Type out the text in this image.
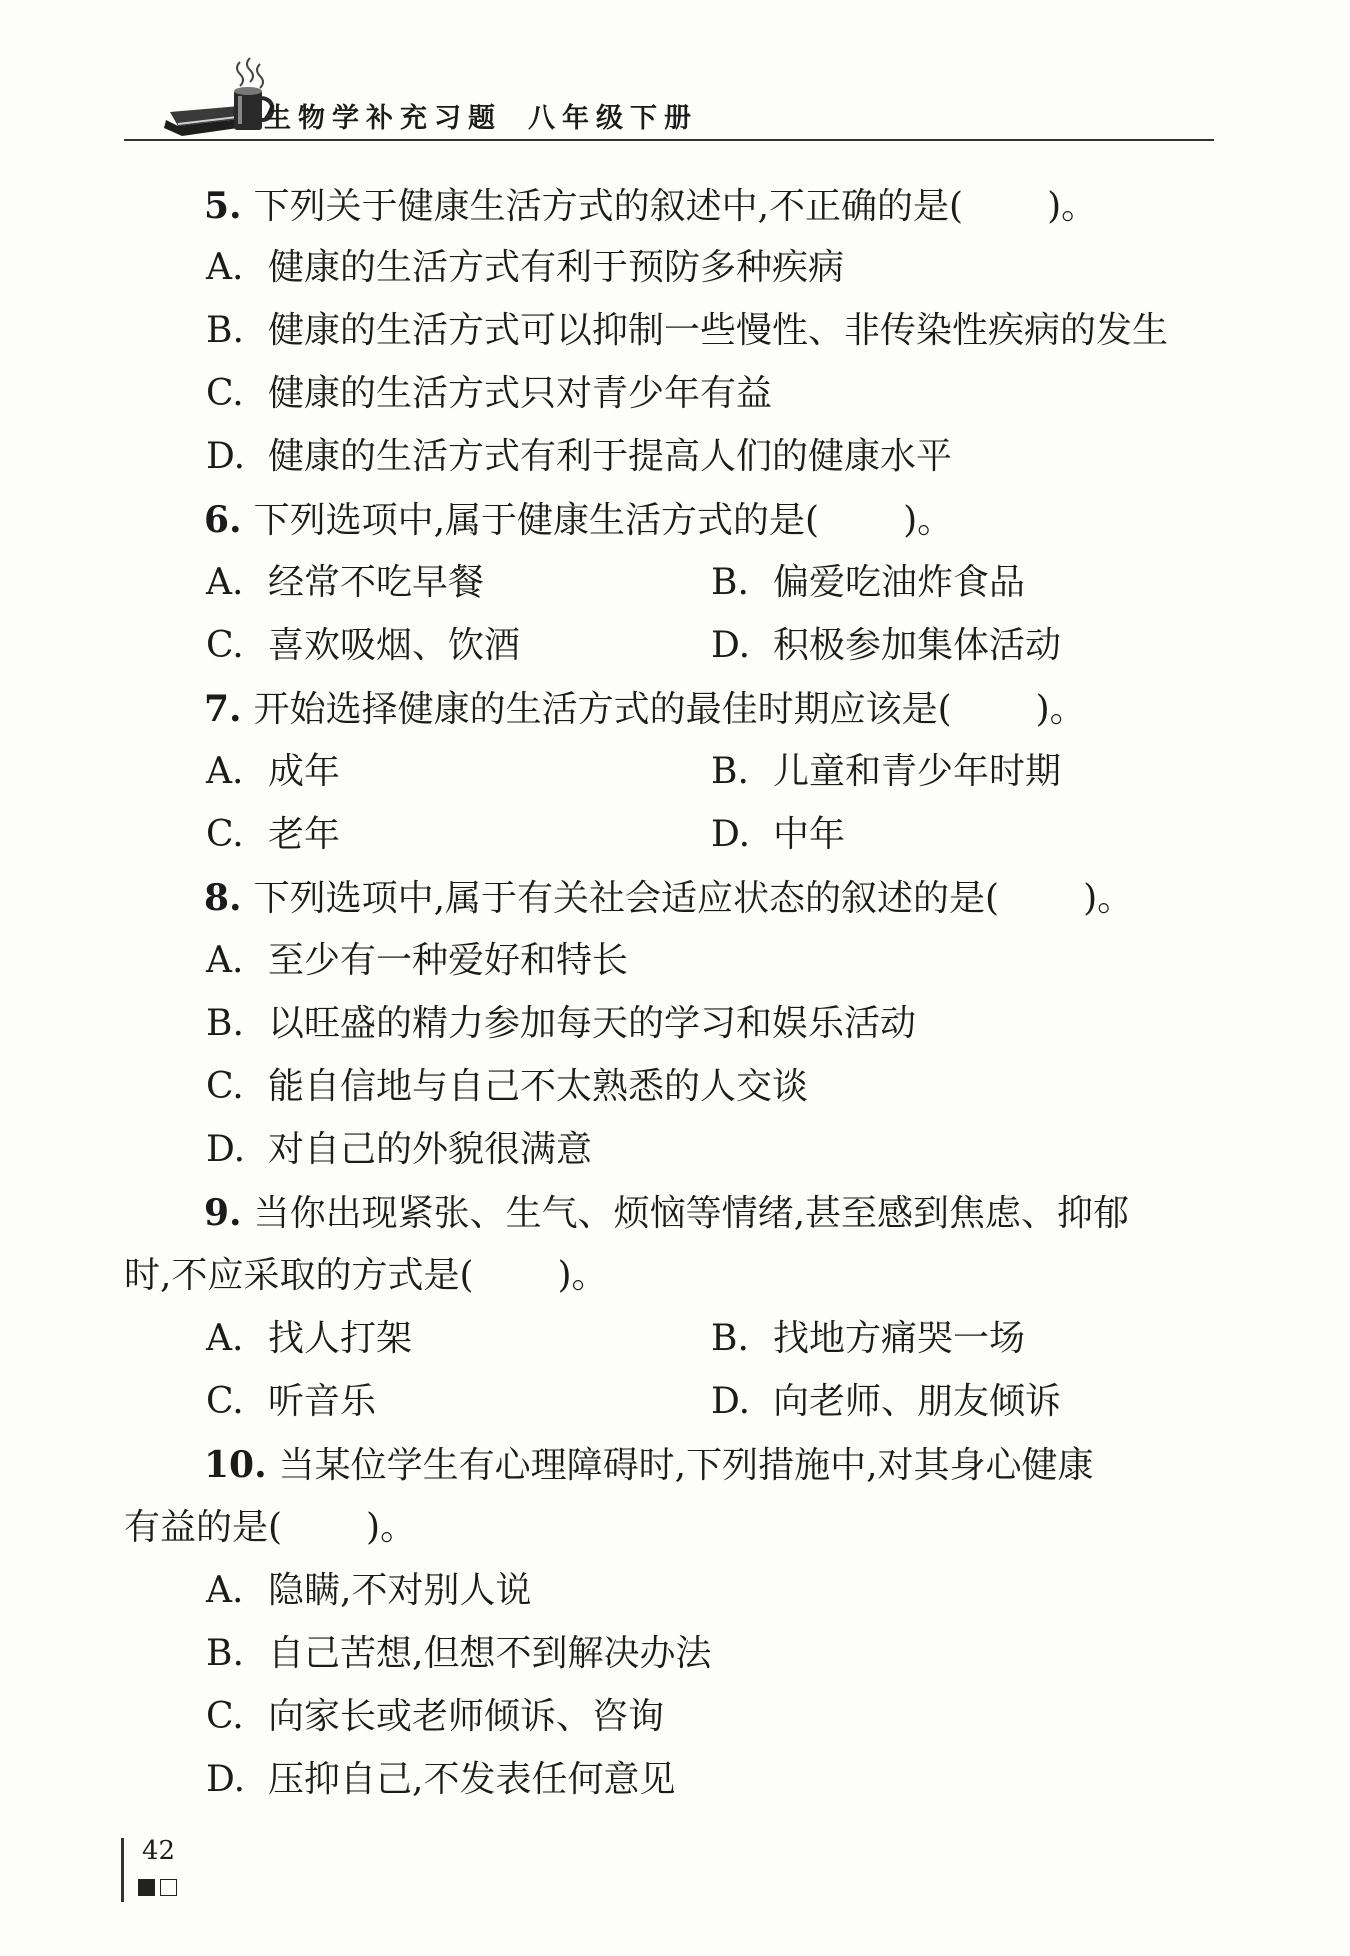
生物学补充习题 八年级下册
5. 下列关于健康生活方式的叙述中,不正确的是( )。
A. 健康的生活方式有利于预防多种疾病
B. 健康的生活方式可以抑制一些慢性、非传染性疾病的发生
C. 健康的生活方式只对青少年有益
D. 健康的生活方式有利于提高人们的健康水平
6. 下列选项中,属于健康生活方式的是( )。
A. 经常不吃早餐	B. 偏爱吃油炸食品
C. 喜欢吸烟、饮酒	D. 积极参加集体活动
7. 开始选择健康的生活方式的最佳时期应该是( )。
A. 成年	B. 儿童和青少年时期
C. 老年	D. 中年
8. 下列选项中,属于有关社会适应状态的叙述的是( )。
A. 至少有一种爱好和特长
B. 以旺盛的精力参加每天的学习和娱乐活动
C. 能自信地与自己不太熟悉的人交谈
D. 对自己的外貌很满意
9. 当你出现紧张、生气、烦恼等情绪,甚至感到焦虑、抑郁
时,不应采取的方式是( )。
A. 找人打架	B. 找地方痛哭一场
C. 听音乐	D. 向老师、朋友倾诉
10. 当某位学生有心理障碍时,下列措施中,对其身心健康
有益的是( )。
A. 隐瞒,不对别人说
B. 自己苦想,但想不到解决办法
C. 向家长或老师倾诉、咨询
D. 压抑自己,不发表任何意见
42
